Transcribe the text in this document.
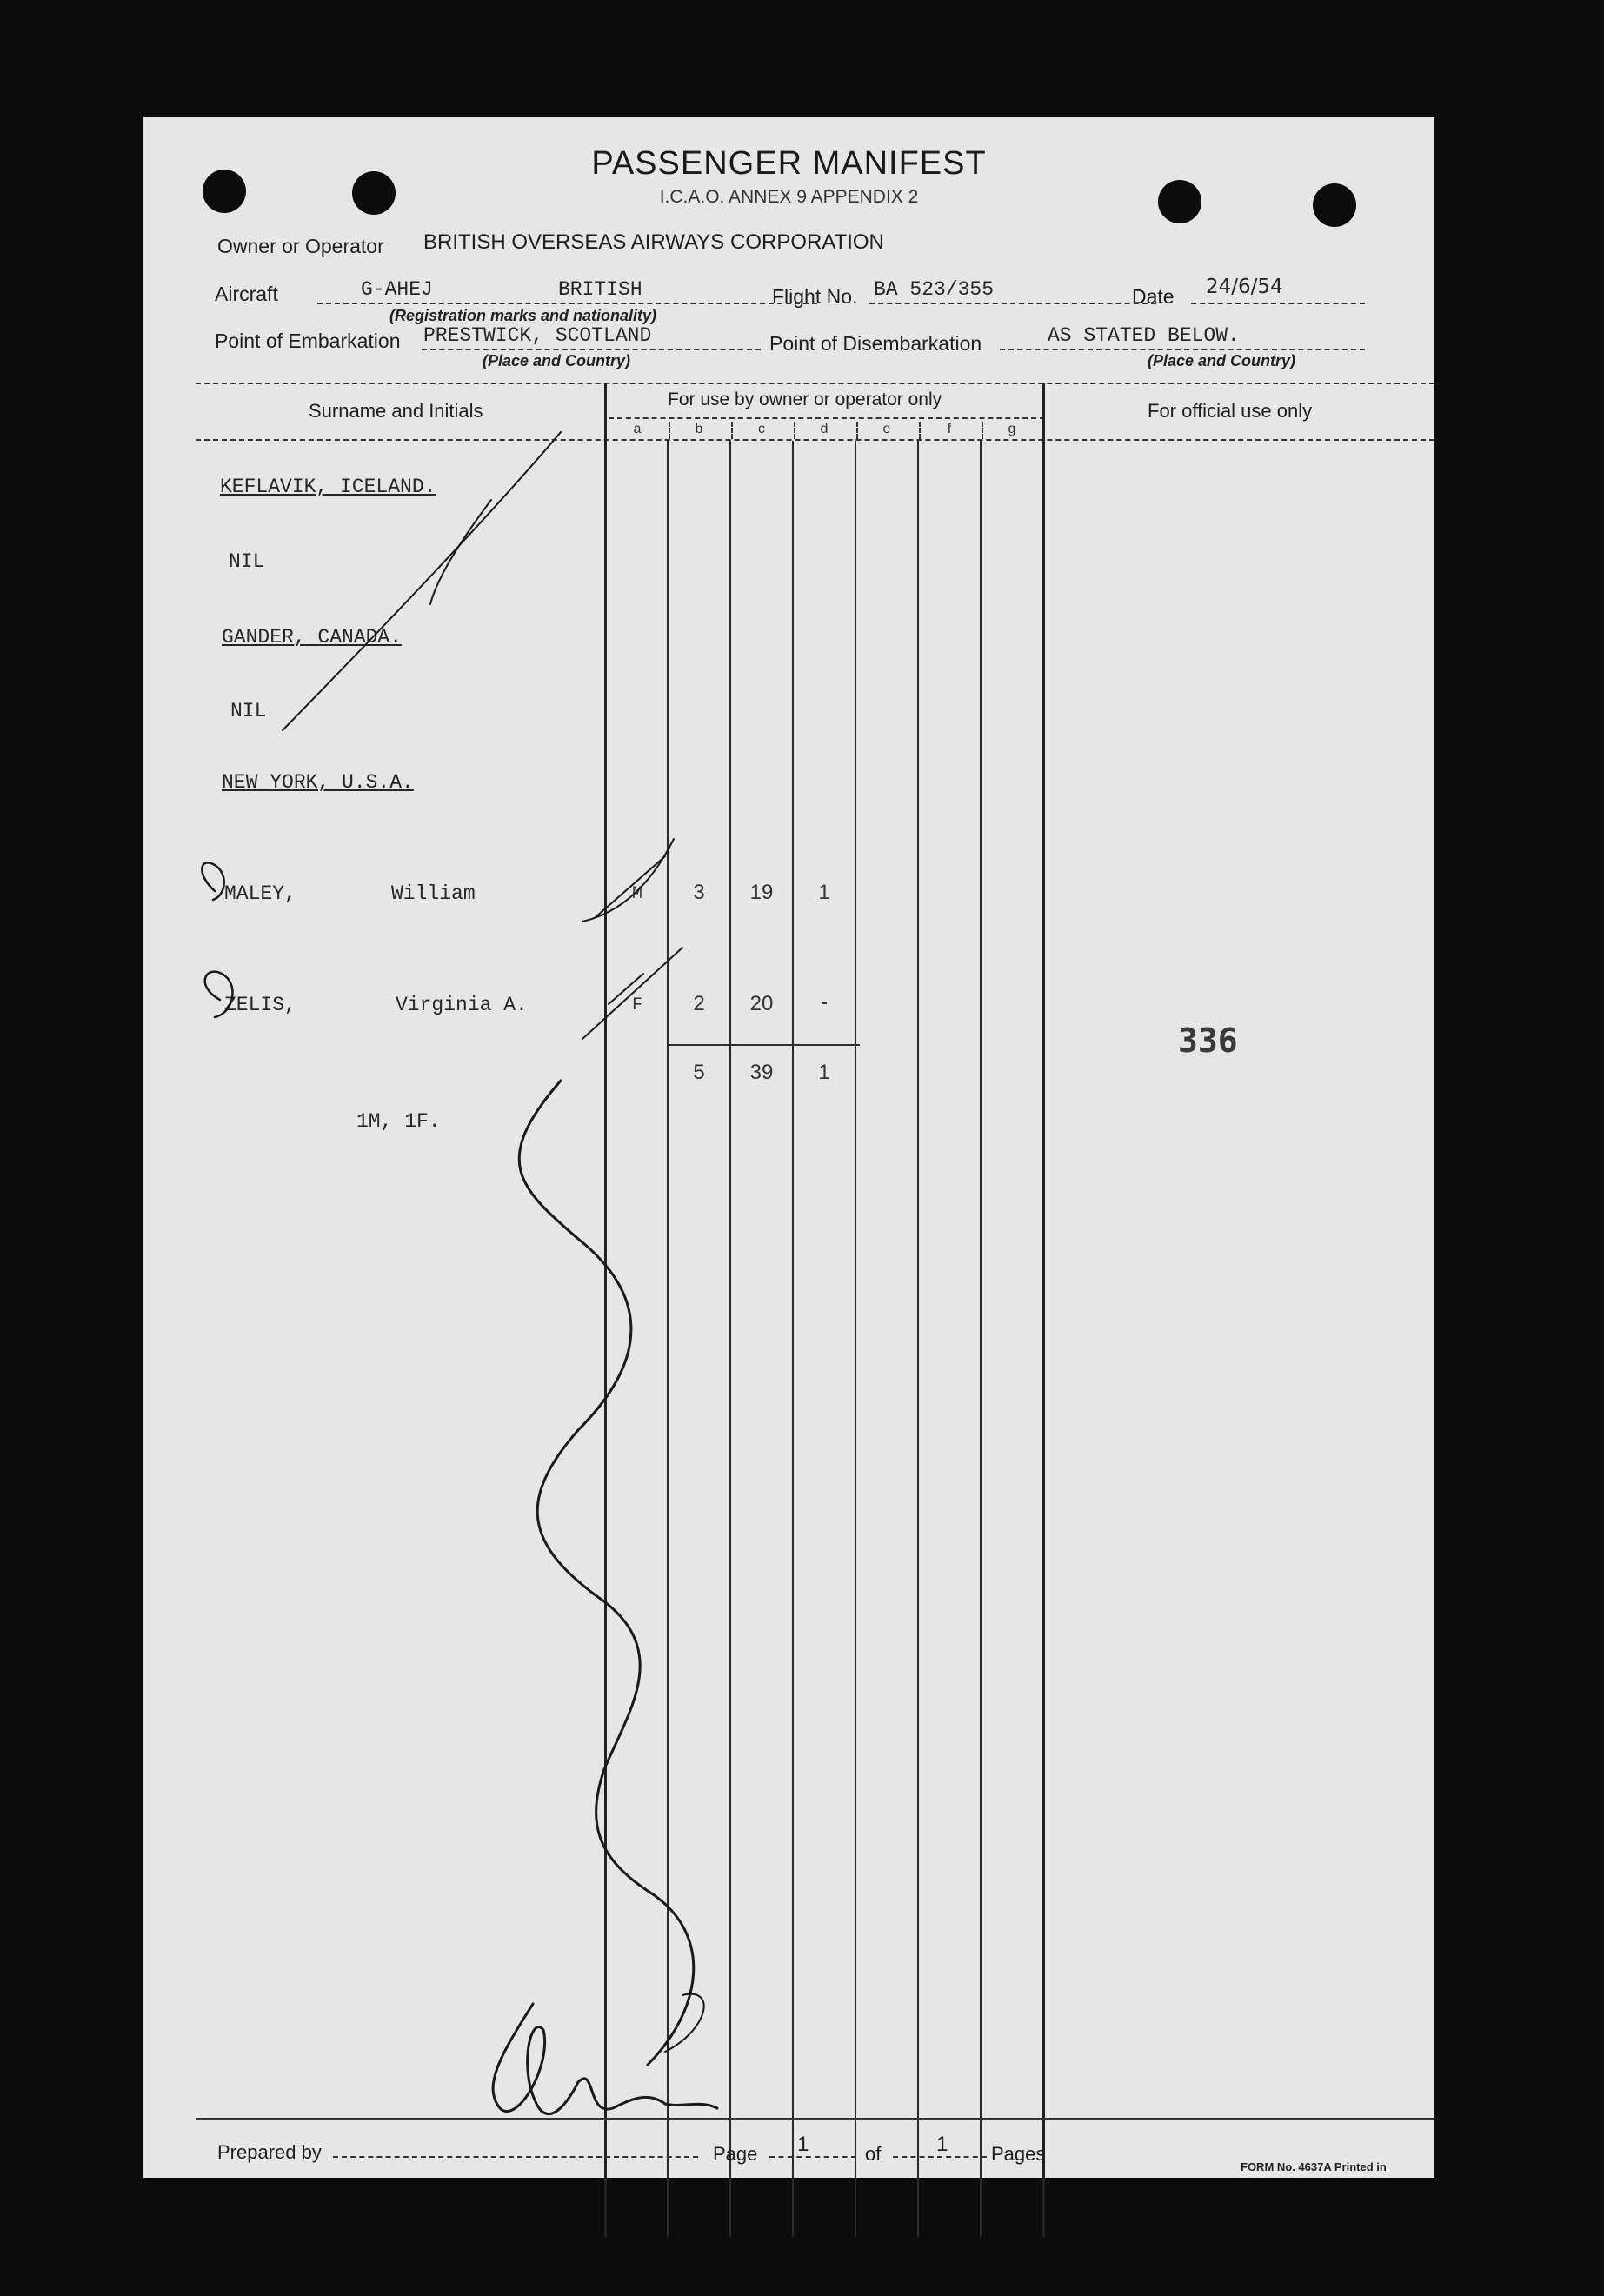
PASSENGER MANIFEST
I.C.A.O. ANNEX 9 APPENDIX 2
Owner or Operator BRITISH OVERSEAS AIRWAYS CORPORATION
Aircraft	G-AHEJ	BRITISH
(Registration marks and nationality)
Flight No. BA 523/355	Date 24/6/54
Point of Embarkation PRESTWICK, SCOTLAND
(Place and Country)
Point of Disembarkation	AS STATED BELOW.
(Place and Country)
Surname and Initials
For use by owner or operator only
For official use only
a	b	c	d	e	f	g
KEFLAVIK, ICELAND.
NIL
GANDER, CANADA.
NIL
NEW YORK, U.S.A.
MALEY,	William	M	3	19	1
ZELIS,	Virginia A.	F	2	20	-
5	39	1
1M, 1F.
336
Prepared by	Page 1	of	1 Pages
FORM No. 4637A Printed in
